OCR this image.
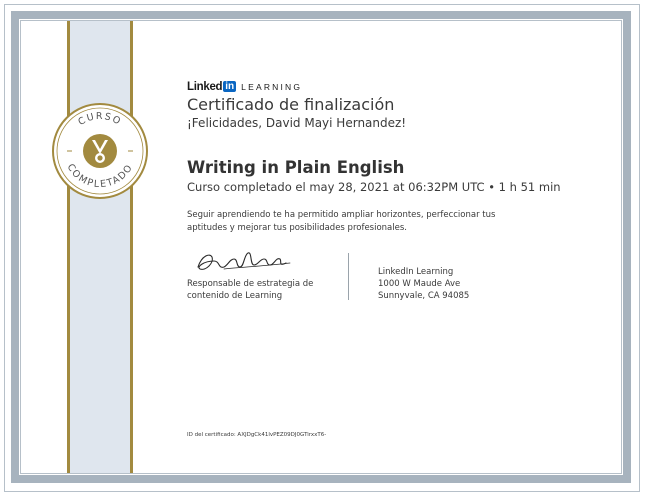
CURSO
COMPLETADO
Linked in LEARNING
Certificado de finalización
¡Felicidades, David Mayi Hernandez!
Writing in Plain English
Curso completado el may 28, 2021 at 06:32PM UTC • 1 h 51 min
Seguir aprendiendo te ha permitido ampliar horizontes, perfeccionar tus
aptitudes y mejorar tus posibilidades profesionales.
Responsable de estrategia de
contenido de Learning
LinkedIn Learning
1000 W Maude Ave
Sunnyvale, CA 94085
ID del certificado: AXJDgCk41lvPEZ09DJ0GTirxxT6-
